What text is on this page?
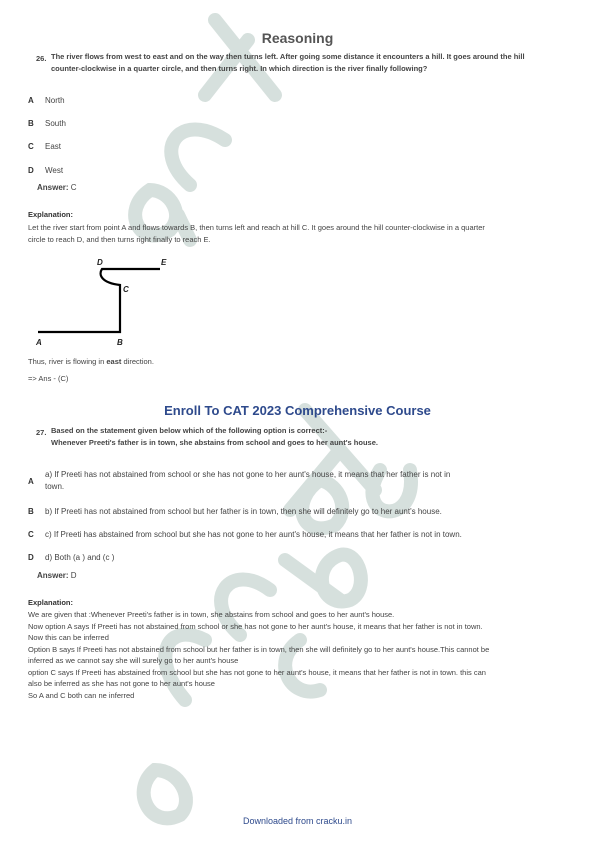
Reasoning
26. The river flows from west to east and on the way then turns left. After going some distance it encounters a hill. It goes around the hill
counter-clockwise in a quarter circle, and then turns right. In which direction is the river finally following?
A North
B South
C East
D West
Answer: C
Explanation:
Let the river start from point A and flows towards B, then turns left and reach at hill C. It goes around the hill counter-clockwise in a quarter
circle to reach D, and then turns right finally to reach E.
A	B
C
D	E
Thus, river is flowing in east direction.
=> Ans - (C)
Enroll To CAT 2023 Comprehensive Course
27. Based on the statement given below which of the following option is correct:-
Whenever Preeti's father is in town, she abstains from school and goes to her aunt's house.
A
a) If Preeti has not abstained from school or she has not gone to her aunt's house, it means that her father is not in
town.
B b) If Preeti has not abstained from school but her father is in town, then she will definitely go to her aunt's house.
C c) If Preeti has abstained from school but she has not gone to her aunt's house, it means that her father is not in town.
D d) Both (a ) and (c )
Answer: D
Explanation:
We are given that :Whenever Preeti's father is in town, she abstains from school and goes to her aunt's house.
Now option A says If Preeti has not abstained from school or she has not gone to her aunt's house, it means that her father is not in town.
Now this can be inferred
Option B says If Preeti has not abstained from school but her father is in town, then she will definitely go to her aunt's house.This cannot be
inferred as we cannot say she will surely go to her aunt's house
option C says If Preeti has abstained from school but she has not gone to her aunt's house, it means that her father is not in town. this can
also be inferred as she has not gone to her aunt's house
So A and C both can ne inferred
Downloaded from cracku.in
